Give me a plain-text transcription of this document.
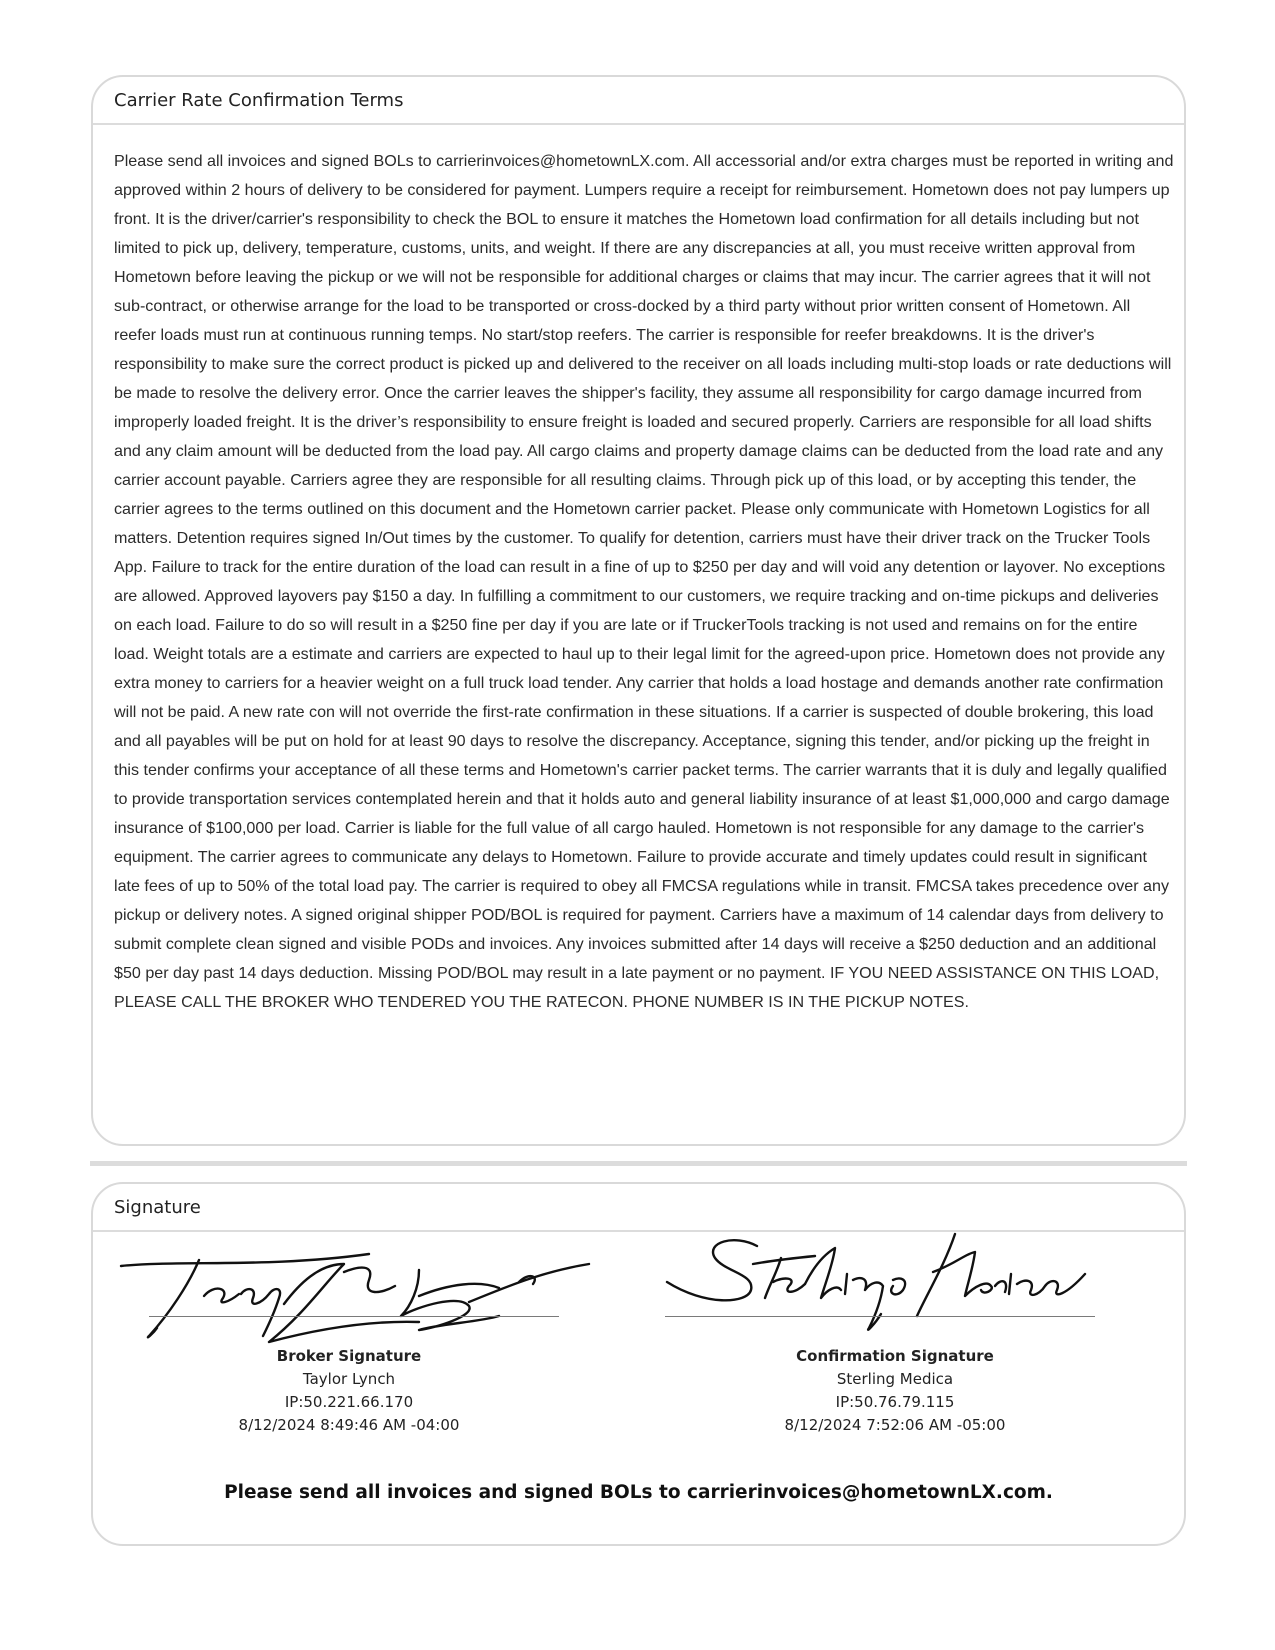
Carrier Rate Confirmation Terms

Please send all invoices and signed BOLs to carrierinvoices@hometownLX.com. All accessorial and/or extra charges must be reported in writing and approved within 2 hours of delivery to be considered for payment. Lumpers require a receipt for reimbursement. Hometown does not pay lumpers up front. It is the driver/carrier's responsibility to check the BOL to ensure it matches the Hometown load confirmation for all details including but not limited to pick up, delivery, temperature, customs, units, and weight. If there are any discrepancies at all, you must receive written approval from Hometown before leaving the pickup or we will not be responsible for additional charges or claims that may incur. The carrier agrees that it will not sub-contract, or otherwise arrange for the load to be transported or cross-docked by a third party without prior written consent of Hometown. All reefer loads must run at continuous running temps. No start/stop reefers. The carrier is responsible for reefer breakdowns. It is the driver's responsibility to make sure the correct product is picked up and delivered to the receiver on all loads including multi-stop loads or rate deductions will be made to resolve the delivery error. Once the carrier leaves the shipper's facility, they assume all responsibility for cargo damage incurred from improperly loaded freight. It is the driver’s responsibility to ensure freight is loaded and secured properly. Carriers are responsible for all load shifts and any claim amount will be deducted from the load pay. All cargo claims and property damage claims can be deducted from the load rate and any carrier account payable. Carriers agree they are responsible for all resulting claims. Through pick up of this load, or by accepting this tender, the carrier agrees to the terms outlined on this document and the Hometown carrier packet. Please only communicate with Hometown Logistics for all matters. Detention requires signed In/Out times by the customer. To qualify for detention, carriers must have their driver track on the Trucker Tools App. Failure to track for the entire duration of the load can result in a fine of up to $250 per day and will void any detention or layover. No exceptions are allowed. Approved layovers pay $150 a day. In fulfilling a commitment to our customers, we require tracking and on-time pickups and deliveries on each load. Failure to do so will result in a $250 fine per day if you are late or if TruckerTools tracking is not used and remains on for the entire load. Weight totals are a estimate and carriers are expected to haul up to their legal limit for the agreed-upon price. Hometown does not provide any extra money to carriers for a heavier weight on a full truck load tender. Any carrier that holds a load hostage and demands another rate confirmation will not be paid. A new rate con will not override the first-rate confirmation in these situations. If a carrier is suspected of double brokering, this load and all payables will be put on hold for at least 90 days to resolve the discrepancy. Acceptance, signing this tender, and/or picking up the freight in this tender confirms your acceptance of all these terms and Hometown's carrier packet terms. The carrier warrants that it is duly and legally qualified to provide transportation services contemplated herein and that it holds auto and general liability insurance of at least $1,000,000 and cargo damage insurance of $100,000 per load. Carrier is liable for the full value of all cargo hauled. Hometown is not responsible for any damage to the carrier's equipment. The carrier agrees to communicate any delays to Hometown. Failure to provide accurate and timely updates could result in significant late fees of up to 50% of the total load pay. The carrier is required to obey all FMCSA regulations while in transit. FMCSA takes precedence over any pickup or delivery notes. A signed original shipper POD/BOL is required for payment. Carriers have a maximum of 14 calendar days from delivery to submit complete clean signed and visible PODs and invoices. Any invoices submitted after 14 days will receive a $250 deduction and an additional $50 per day past 14 days deduction. Missing POD/BOL may result in a late payment or no payment. IF YOU NEED ASSISTANCE ON THIS LOAD, PLEASE CALL THE BROKER WHO TENDERED YOU THE RATECON. PHONE NUMBER IS IN THE PICKUP NOTES.

Signature
Broker Signature
Taylor Lynch
IP:50.221.66.170
8/12/2024 8:49:46 AM -04:00
Confirmation Signature
Sterling Medica
IP:50.76.79.115
8/12/2024 7:52:06 AM -05:00
Please send all invoices and signed BOLs to carrierinvoices@hometownLX.com.
